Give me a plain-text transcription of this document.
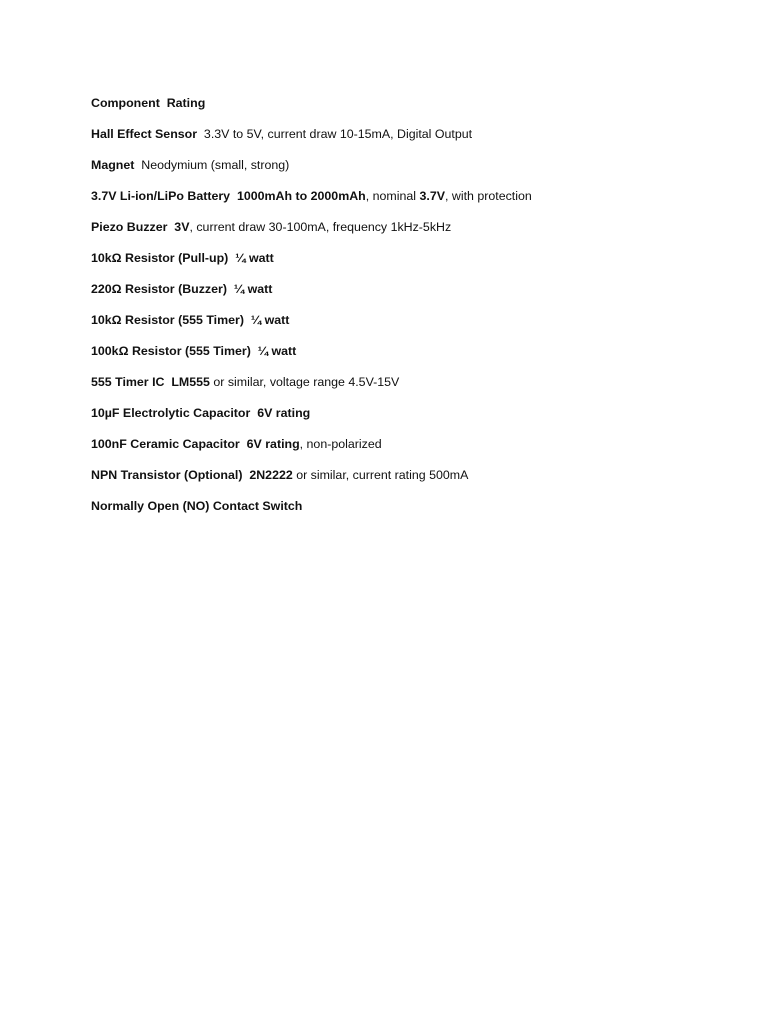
Component  Rating
Hall Effect Sensor  3.3V to 5V, current draw 10-15mA, Digital Output
Magnet  Neodymium (small, strong)
3.7V Li-ion/LiPo Battery  1000mAh to 2000mAh, nominal 3.7V, with protection
Piezo Buzzer  3V, current draw 30-100mA, frequency 1kHz-5kHz
10kΩ Resistor (Pull-up)  ¼ watt
220Ω Resistor (Buzzer)  ¼ watt
10kΩ Resistor (555 Timer)  ¼ watt
100kΩ Resistor (555 Timer)  ¼ watt
555 Timer IC  LM555 or similar, voltage range 4.5V-15V
10µF Electrolytic Capacitor  6V rating
100nF Ceramic Capacitor  6V rating, non-polarized
NPN Transistor (Optional)  2N2222 or similar, current rating 500mA
Normally Open (NO) Contact Switch
